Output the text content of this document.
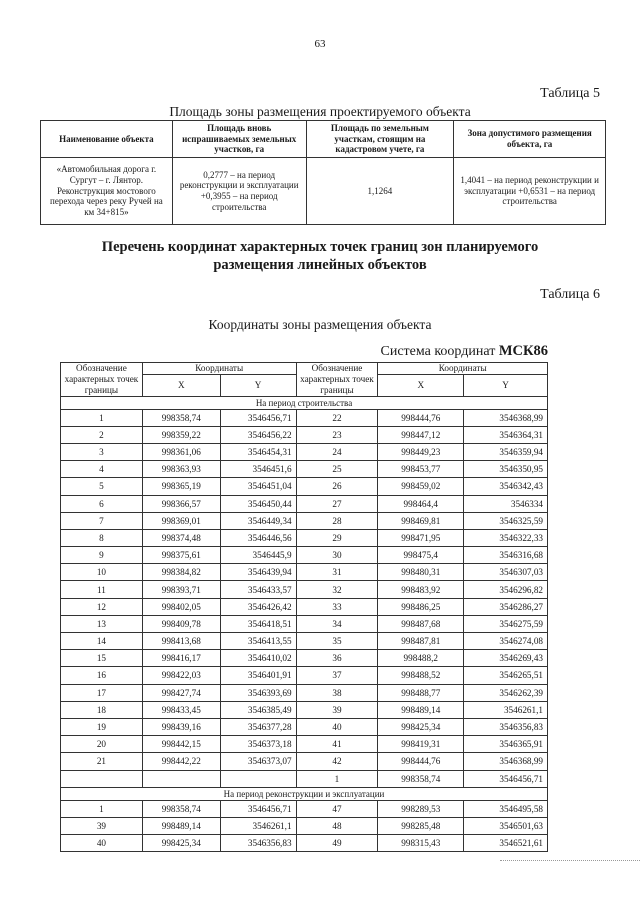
63
Таблица 5
Площадь зоны размещения проектируемого объекта
Наименование объекта	Площадь вновь испрашиваемых земельных участков, га	Площадь по земельным участкам, стоящим на кадастровом учете, га	Зона допустимого размещения объекта, га
«Автомобильная дорога г. Сургут – г. Лянтор. Реконструкция мостового перехода через реку Ручей на км 34+815»	0,2777 – на период реконструкции и эксплуатации +0,3955 – на период строительства	1,1264	1,4041 – на период реконструкции и эксплуатации +0,6531 – на период строительства
Перечень координат характерных точек границ зон планируемого
размещения линейных объектов
Таблица 6
Координаты зоны размещения объекта
Система координат МСК86
Обозначение характерных точек границы	Координаты		Обозначение характерных точек границы	Координаты	
	X	Y		X	Y
На период строительства					
1	998358,74	3546456,71	22	998444,76	3546368,99
2	998359,22	3546456,22	23	998447,12	3546364,31
3	998361,06	3546454,31	24	998449,23	3546359,94
4	998363,93	3546451,6	25	998453,77	3546350,95
5	998365,19	3546451,04	26	998459,02	3546342,43
6	998366,57	3546450,44	27	998464,4	3546334
7	998369,01	3546449,34	28	998469,81	3546325,59
8	998374,48	3546446,56	29	998471,95	3546322,33
9	998375,61	3546445,9	30	998475,4	3546316,68
10	998384,82	3546439,94	31	998480,31	3546307,03
11	998393,71	3546433,57	32	998483,92	3546296,82
12	998402,05	3546426,42	33	998486,25	3546286,27
13	998409,78	3546418,51	34	998487,68	3546275,59
14	998413,68	3546413,55	35	998487,81	3546274,08
15	998416,17	3546410,02	36	998488,2	3546269,43
16	998422,03	3546401,91	37	998488,52	3546265,51
17	998427,74	3546393,69	38	998488,77	3546262,39
18	998433,45	3546385,49	39	998489,14	3546261,1
19	998439,16	3546377,28	40	998425,34	3546356,83
20	998442,15	3546373,18	41	998419,31	3546365,91
21	998442,22	3546373,07	42	998444,76	3546368,99
			1	998358,74	3546456,71
На период реконструкции и эксплуатации					
1	998358,74	3546456,71	47	998289,53	3546495,58
39	998489,14	3546261,1	48	998285,48	3546501,63
40	998425,34	3546356,83	49	998315,43	3546521,61
